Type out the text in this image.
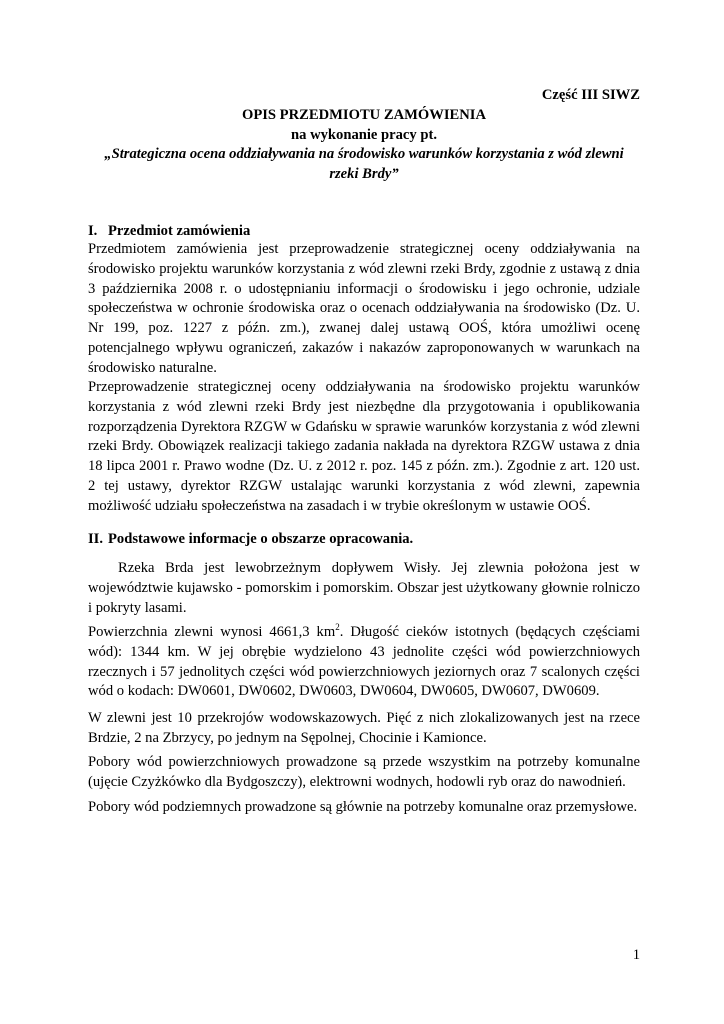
Część III SIWZ
OPIS PRZEDMIOTU ZAMÓWIENIA
na wykonanie pracy pt.
„Strategiczna ocena oddziaływania na środowisko warunków korzystania z wód zlewni rzeki Brdy”
I. Przedmiot zamówienia

Przedmiotem zamówienia jest przeprowadzenie strategicznej oceny oddziaływania na środowisko projektu warunków korzystania z wód zlewni rzeki Brdy, zgodnie z ustawą z dnia 3 października 2008 r. o udostępnianiu informacji o środowisku i jego ochronie, udziale społeczeństwa w ochronie środowiska oraz o ocenach oddziaływania na środowisko (Dz. U. Nr 199, poz. 1227 z późn. zm.), zwanej dalej ustawą OOŚ, która umożliwi ocenę potencjalnego wpływu ograniczeń, zakazów i nakazów zaproponowanych w warunkach na środowisko naturalne.

Przeprowadzenie strategicznej oceny oddziaływania na środowisko projektu warunków korzystania z wód zlewni rzeki Brdy jest niezbędne dla przygotowania i opublikowania rozporządzenia Dyrektora RZGW w Gdańsku w sprawie warunków korzystania z wód zlewni rzeki Brdy. Obowiązek realizacji takiego zadania nakłada na dyrektora RZGW ustawa z dnia 18 lipca 2001 r. Prawo wodne (Dz. U. z 2012 r. poz. 145 z późn. zm.). Zgodnie z art. 120 ust. 2 tej ustawy, dyrektor RZGW ustalając warunki korzystania z wód zlewni, zapewnia możliwość udziału społeczeństwa na zasadach i w trybie określonym w ustawie OOŚ.

II. Podstawowe informacje o obszarze opracowania.

Rzeka Brda jest lewobrzeżnym dopływem Wisły. Jej zlewnia położona jest w województwie kujawsko - pomorskim i pomorskim. Obszar jest użytkowany głownie rolniczo i pokryty lasami.

Powierzchnia zlewni wynosi 4661,3 $km^2$. Długość cieków istotnych (będących częściami wód): 1344 km. W jej obrębie wydzielono 43 jednolite części wód powierzchniowych rzecznych i 57 jednolitych części wód powierzchniowych jeziornych oraz 7 scalonych części wód o kodach: DW0601, DW0602, DW0603, DW0604, DW0605, DW0607, DW0609.

W zlewni jest 10 przekrojów wodowskazowych. Pięć z nich zlokalizowanych jest na rzece Brdzie, 2 na Zbrzycy, po jednym na Sępolnej, Chocinie i Kamionce.

Pobory wód powierzchniowych prowadzone są przede wszystkim na potrzeby komunalne (ujęcie Czyżkówko dla Bydgoszczy), elektrowni wodnych, hodowli ryb oraz do nawodnień.

Pobory wód podziemnych prowadzone są głównie na potrzeby komunalne oraz przemysłowe.

1
